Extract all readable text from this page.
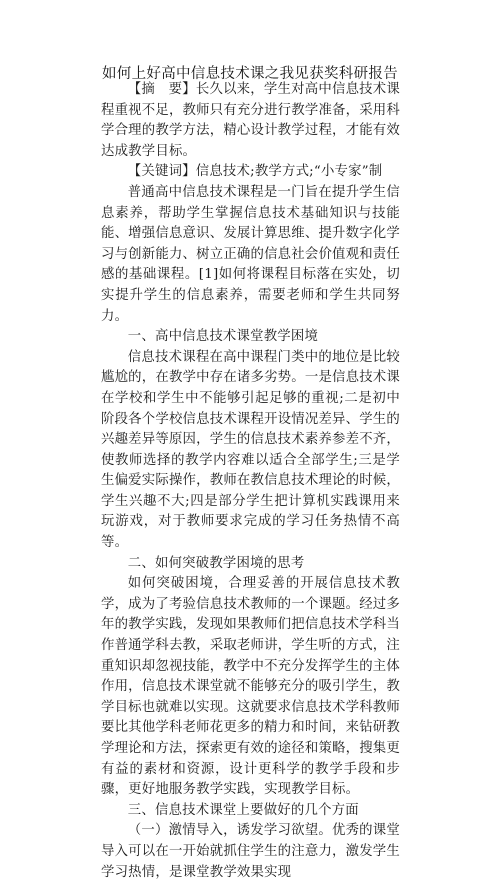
如何上好高中信息技术课之我见获奖科研报告

【摘　要】长久以来，学生对高中信息技术课程重视不足，教师只有充分进行教学准备，采用科学合理的教学方法，精心设计教学过程，才能有效达成教学目标。

【关键词】信息技术;教学方式;“小专家”制

普通高中信息技术课程是一门旨在提升学生信息素养，帮助学生掌握信息技术基础知识与技能能、增强信息意识、发展计算思维、提升数字化学习与创新能力、树立正确的信息社会价值观和责任感的基础课程。[1]如何将课程目标落在实处，切实提升学生的信息素养，需要老师和学生共同努力。

一、高中信息技术课堂教学困境

信息技术课程在高中课程门类中的地位是比较尴尬的，在教学中存在诸多劣势。一是信息技术课在学校和学生中不能够引起足够的重视;二是初中阶段各个学校信息技术课程开设情况差异、学生的兴趣差异等原因，学生的信息技术素养参差不齐，使教师选择的教学内容难以适合全部学生;三是学生偏爱实际操作，教师在教信息技术理论的时候，学生兴趣不大;四是部分学生把计算机实践课用来玩游戏，对于教师要求完成的学习任务热情不高等。

二、如何突破教学困境的思考

如何突破困境，合理妥善的开展信息技术教学，成为了考验信息技术教师的一个课题。经过多年的教学实践，发现如果教师们把信息技术学科当作普通学科去教，采取老师讲，学生听的方式，注重知识却忽视技能，教学中不充分发挥学生的主体作用，信息技术课堂就不能够充分的吸引学生，教学目标也就难以实现。这就要求信息技术学科教师要比其他学科老师花更多的精力和时间，来钻研教学理论和方法，探索更有效的途径和策略，搜集更有益的素材和资源，设计更科学的教学手段和步骤，更好地服务教学实践，实现教学目标。

三、信息技术课堂上要做好的几个方面

（一）激情导入，诱发学习欲望。优秀的课堂导入可以在一开始就抓住学生的注意力，激发学生学习热情，是课堂教学效果实现
